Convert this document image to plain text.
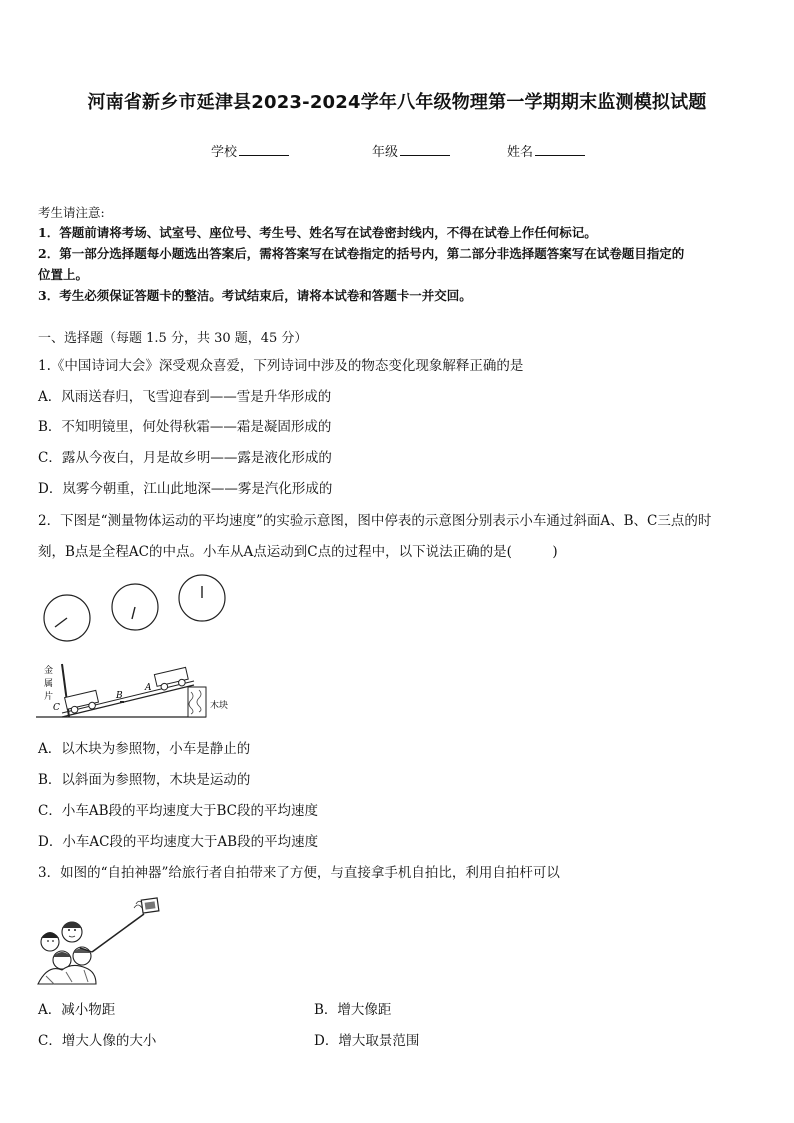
河南省新乡市延津县2023-2024学年八年级物理第一学期期末监测模拟试题
学校	年级	姓名
考生请注意:
1．答题前请将考场、试室号、座位号、考生号、姓名写在试卷密封线内，不得在试卷上作任何标记。
2．第一部分选择题每小题选出答案后，需将答案写在试卷指定的括号内，第二部分非选择题答案写在试卷题目指定的
位置上。
3．考生必须保证答题卡的整洁。考试结束后，请将本试卷和答题卡一并交回。
一、选择题（每题 1.5 分，共 30 题，45 分）
1.《中国诗词大会》深受观众喜爱，下列诗词中涉及的物态变化现象解释正确的是
A．风雨送春归，飞雪迎春到——雪是升华形成的
B．不知明镜里，何处得秋霜——霜是凝固形成的
C．露从今夜白，月是故乡明——露是液化形成的
D．岚雾今朝重，江山此地深——雾是汽化形成的
2．下图是“测量物体运动的平均速度”的实验示意图，图中停表的示意图分别表示小车通过斜面A、B、C三点的时
刻，B点是全程AC的中点。小车从A点运动到C点的过程中，以下说法正确的是(　　　)
金
属
片
C
B
A
木块
A．以木块为参照物，小车是静止的
B．以斜面为参照物，木块是运动的
C．小车AB段的平均速度大于BC段的平均速度
D．小车AC段的平均速度大于AB段的平均速度
3．如图的“自拍神器”给旅行者自拍带来了方便，与直接拿手机自拍比，利用自拍杆可以
A．减小物距	B．增大像距
C．增大人像的大小	D．增大取景范围
